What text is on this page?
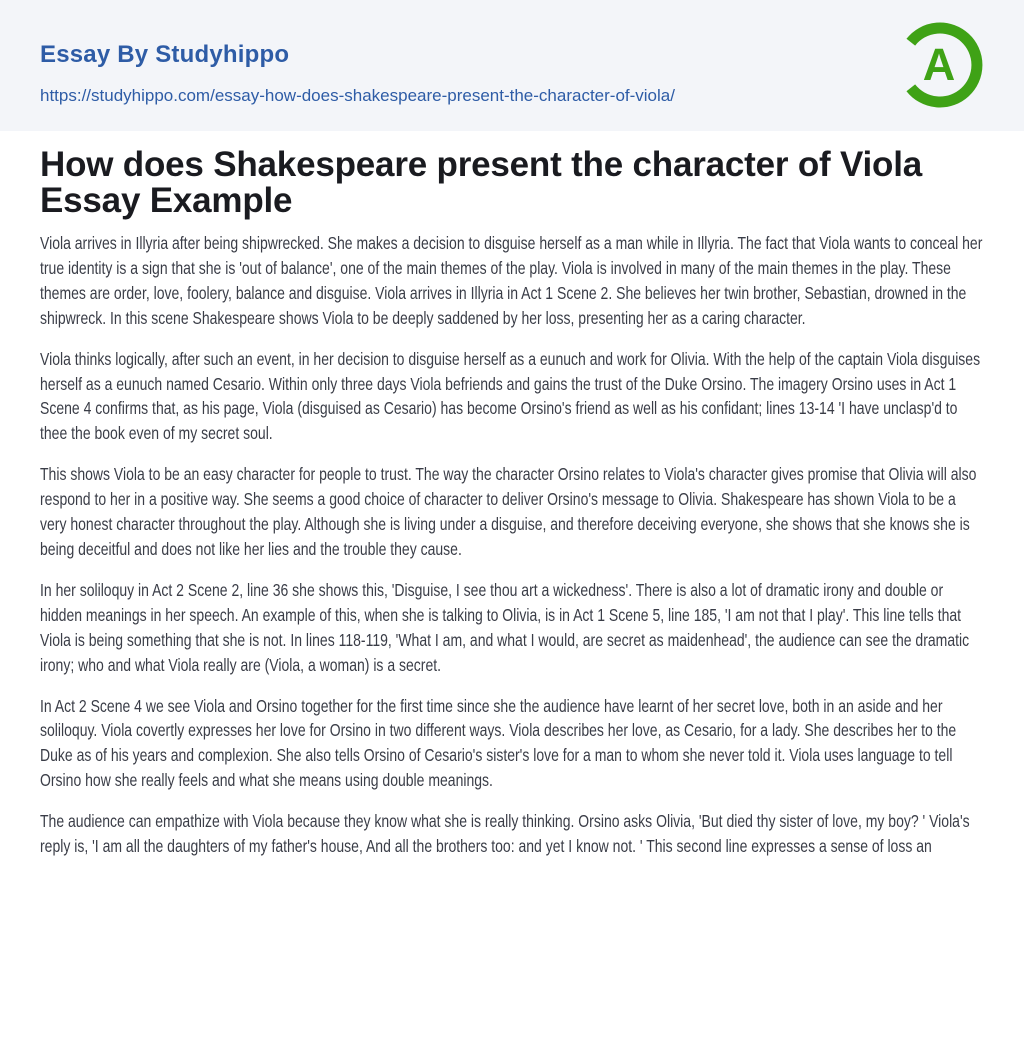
Essay By Studyhippo
https://studyhippo.com/essay-how-does-shakespeare-present-the-character-of-viola/
A
How does Shakespeare present the character of Viola Essay Example

Viola arrives in Illyria after being shipwrecked. She makes a decision to disguise herself as a man while in Illyria. The fact that Viola wants to conceal her true identity is a sign that she is 'out of balance', one of the main themes of the play. Viola is involved in many of the main themes in the play. These themes are order, love, foolery, balance and disguise. Viola arrives in Illyria in Act 1 Scene 2. She believes her twin brother, Sebastian, drowned in the shipwreck. In this scene Shakespeare shows Viola to be deeply saddened by her loss, presenting her as a caring character.

Viola thinks logically, after such an event, in her decision to disguise herself as a eunuch and work for Olivia. With the help of the captain Viola disguises herself as a eunuch named Cesario. Within only three days Viola befriends and gains the trust of the Duke Orsino. The imagery Orsino uses in Act 1 Scene 4 confirms that, as his page, Viola (disguised as Cesario) has become Orsino's friend as well as his confidant; lines 13-14 'I have unclasp'd to thee the book even of my secret soul.

This shows Viola to be an easy character for people to trust. The way the character Orsino relates to Viola's character gives promise that Olivia will also respond to her in a positive way. She seems a good choice of character to deliver Orsino's message to Olivia. Shakespeare has shown Viola to be a very honest character throughout the play. Although she is living under a disguise, and therefore deceiving everyone, she shows that she knows she is being deceitful and does not like her lies and the trouble they cause.

In her soliloquy in Act 2 Scene 2, line 36 she shows this, 'Disguise, I see thou art a wickedness'. There is also a lot of dramatic irony and double or hidden meanings in her speech. An example of this, when she is talking to Olivia, is in Act 1 Scene 5, line 185, 'I am not that I play'. This line tells that Viola is being something that she is not. In lines 118-119, 'What I am, and what I would, are secret as maidenhead', the audience can see the dramatic irony; who and what Viola really are (Viola, a woman) is a secret.

In Act 2 Scene 4 we see Viola and Orsino together for the first time since she the audience have learnt of her secret love, both in an aside and her soliloquy. Viola covertly expresses her love for Orsino in two different ways. Viola describes her love, as Cesario, for a lady. She describes her to the Duke as of his years and complexion. She also tells Orsino of Cesario's sister's love for a man to whom she never told it. Viola uses language to tell Orsino how she really feels and what she means using double meanings.

The audience can empathize with Viola because they know what she is really thinking. Orsino asks Olivia, 'But died thy sister of love, my boy? ' Viola's reply is, 'I am all the daughters of my father's house, And all the brothers too: and yet I know not. ' This second line expresses a sense of loss an
